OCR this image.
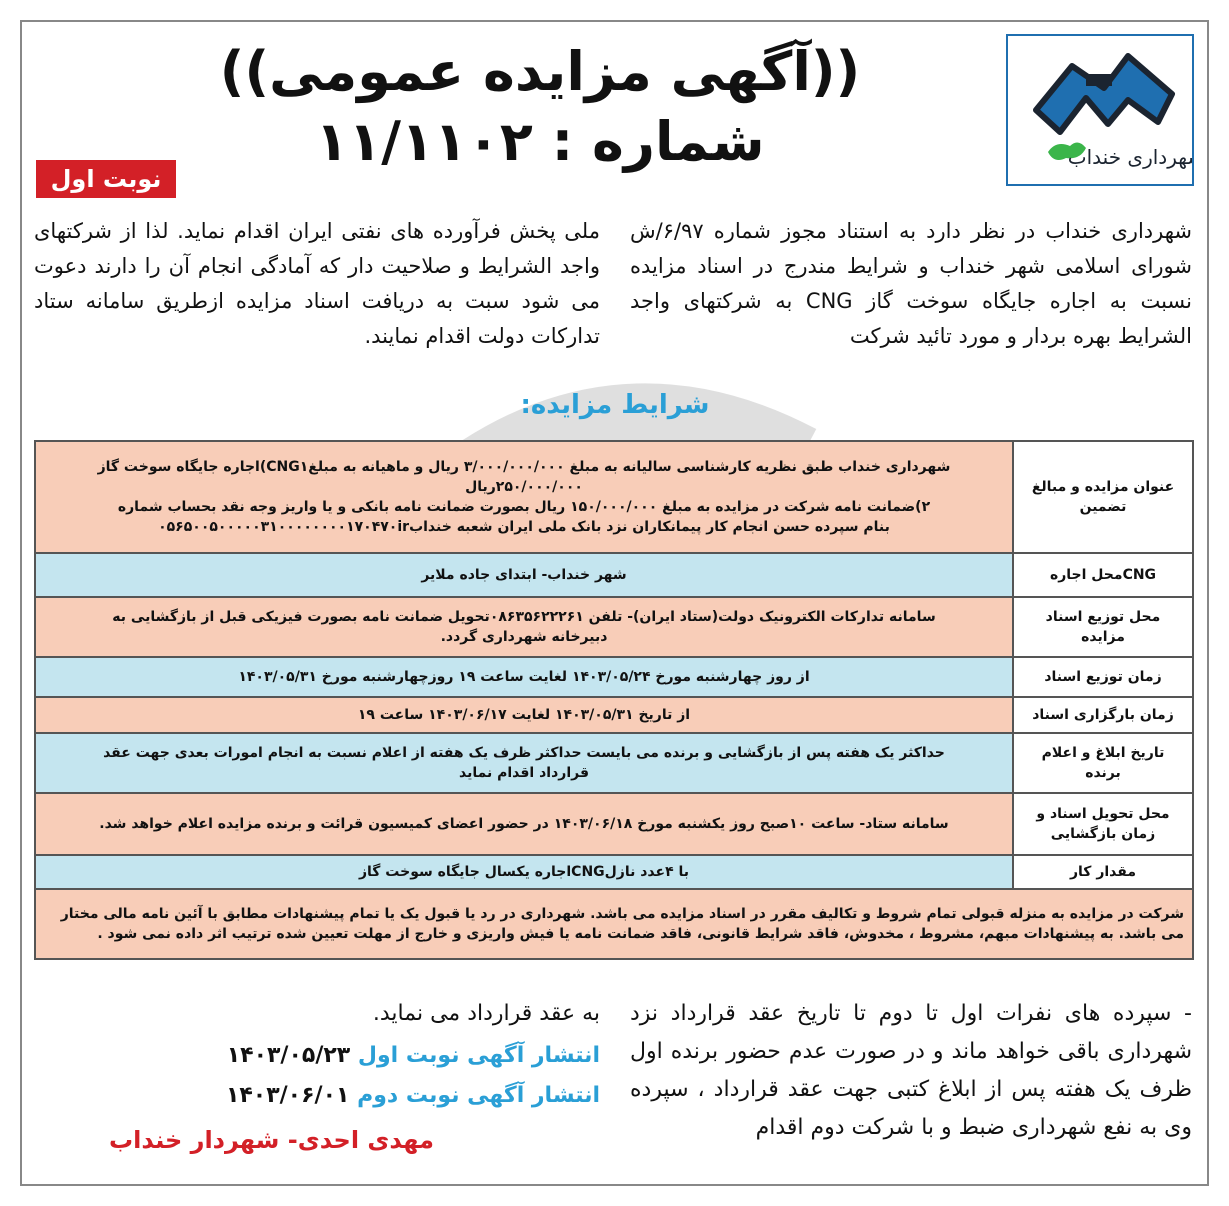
شهرداری خنداب
((آگهی مزایده عمومی))
شماره : ۱۱/۱۱۰۲
نوبت اول
شهرداری خنداب در نظر دارد به استناد مجوز شماره ۶/۹۷/ش شورای اسلامی شهر خنداب و شرایط مندرج در اسناد مزایده نسبت به اجاره جایگاه سوخت گاز CNG به شرکتهای واجد الشرایط بهره بردار و مورد تائید شرکت
ملی پخش فرآورده های نفتی ایران اقدام نماید. لذا از شرکتهای واجد الشرایط و صلاحیت دار که آمادگی انجام آن را دارند دعوت می شود سبت به دریافت اسناد مزایده ازطریق سامانه ستاد تدارکات دولت اقدام نمایند.
شرایط مزایده:
عنوان مزایده و مبالغ تضمین	شهرداری خنداب طبق نظریه کارشناسی سالیانه به مبلغ ۳/۰۰۰/۰۰۰/۰۰۰ ریال و ماهیانه به مبلغCNG۱)اجاره جایگاه سوخت گاز
۲۵۰/۰۰۰/۰۰۰ریال
۲)ضمانت نامه شرکت در مزایده به مبلغ ۱۵۰/۰۰۰/۰۰۰ ریال بصورت ضمانت نامه بانکی و یا واریز وجه نقد بحساب شماره
بنام سپرده حسن انجام کار پیمانکاران نزد بانک ملی ایران شعبه خنداب۰۵۶۵۰۰۵۰۰۰۰۰۳۱۰۰۰۰۰۰۰۰۱۷۰۴۷۰ir

CNGمحل اجاره	شهر خنداب- ابتدای جاده ملایر

محل توزیع اسناد مزایده	سامانه تدارکات الکترونیک دولت(ستاد ایران)- تلفن ۰۸۶۳۵۶۲۲۲۶۱تحویل ضمانت نامه بصورت فیزیکی قبل از بازگشایی به
دبیرخانه شهرداری گردد.

زمان توزیع اسناد	از روز چهارشنبه مورخ ۱۴۰۳/۰۵/۲۴ لغایت ساعت ۱۹ روزچهارشنبه مورخ ۱۴۰۳/۰۵/۳۱

زمان بارگزاری اسناد	از تاریخ ۱۴۰۳/۰۵/۳۱ لغایت ۱۴۰۳/۰۶/۱۷ ساعت ۱۹

تاریخ ابلاغ و اعلام برنده	حداکثر یک هفته پس از بازگشایی و برنده می بایست حداکثر ظرف یک هفته از اعلام نسبت به انجام امورات بعدی جهت عقد
قرارداد اقدام نماید

محل تحویل اسناد و زمان بازگشایی	سامانه ستاد- ساعت ۱۰صبح روز یکشنبه مورخ ۱۴۰۳/۰۶/۱۸ در حضور اعضای کمیسیون قرائت و برنده مزایده اعلام خواهد شد.

مقدار کار	با ۴عدد نازلCNGاجاره یکسال جایگاه سوخت گاز

شرکت در مزایده به منزله قبولی تمام شروط و تکالیف مقرر در اسناد مزایده می باشد. شهرداری در رد یا قبول یک یا تمام پیشنهادات مطابق با آئین نامه مالی مختار
می باشد. به پیشنهادات مبهم، مشروط ، مخدوش، فاقد شرایط قانونی، فاقد ضمانت نامه یا فیش واریزی و خارج از مهلت تعیین شده ترتیب اثر داده نمی شود .	
- سپرده های نفرات اول تا دوم تا تاریخ عقد قرارداد نزد شهرداری باقی خواهد ماند و در صورت عدم حضور برنده اول ظرف یک هفته پس از ابلاغ کتبی جهت عقد قرارداد ، سپرده وی به نفع شهرداری ضبط و با شرکت دوم اقدام
به عقد قرارداد می نماید.
انتشار آگهی نوبت اول ۱۴۰۳/۰۵/۲۳
انتشار آگهی نوبت دوم ۱۴۰۳/۰۶/۰۱
مهدی احدی- شهردار خنداب
